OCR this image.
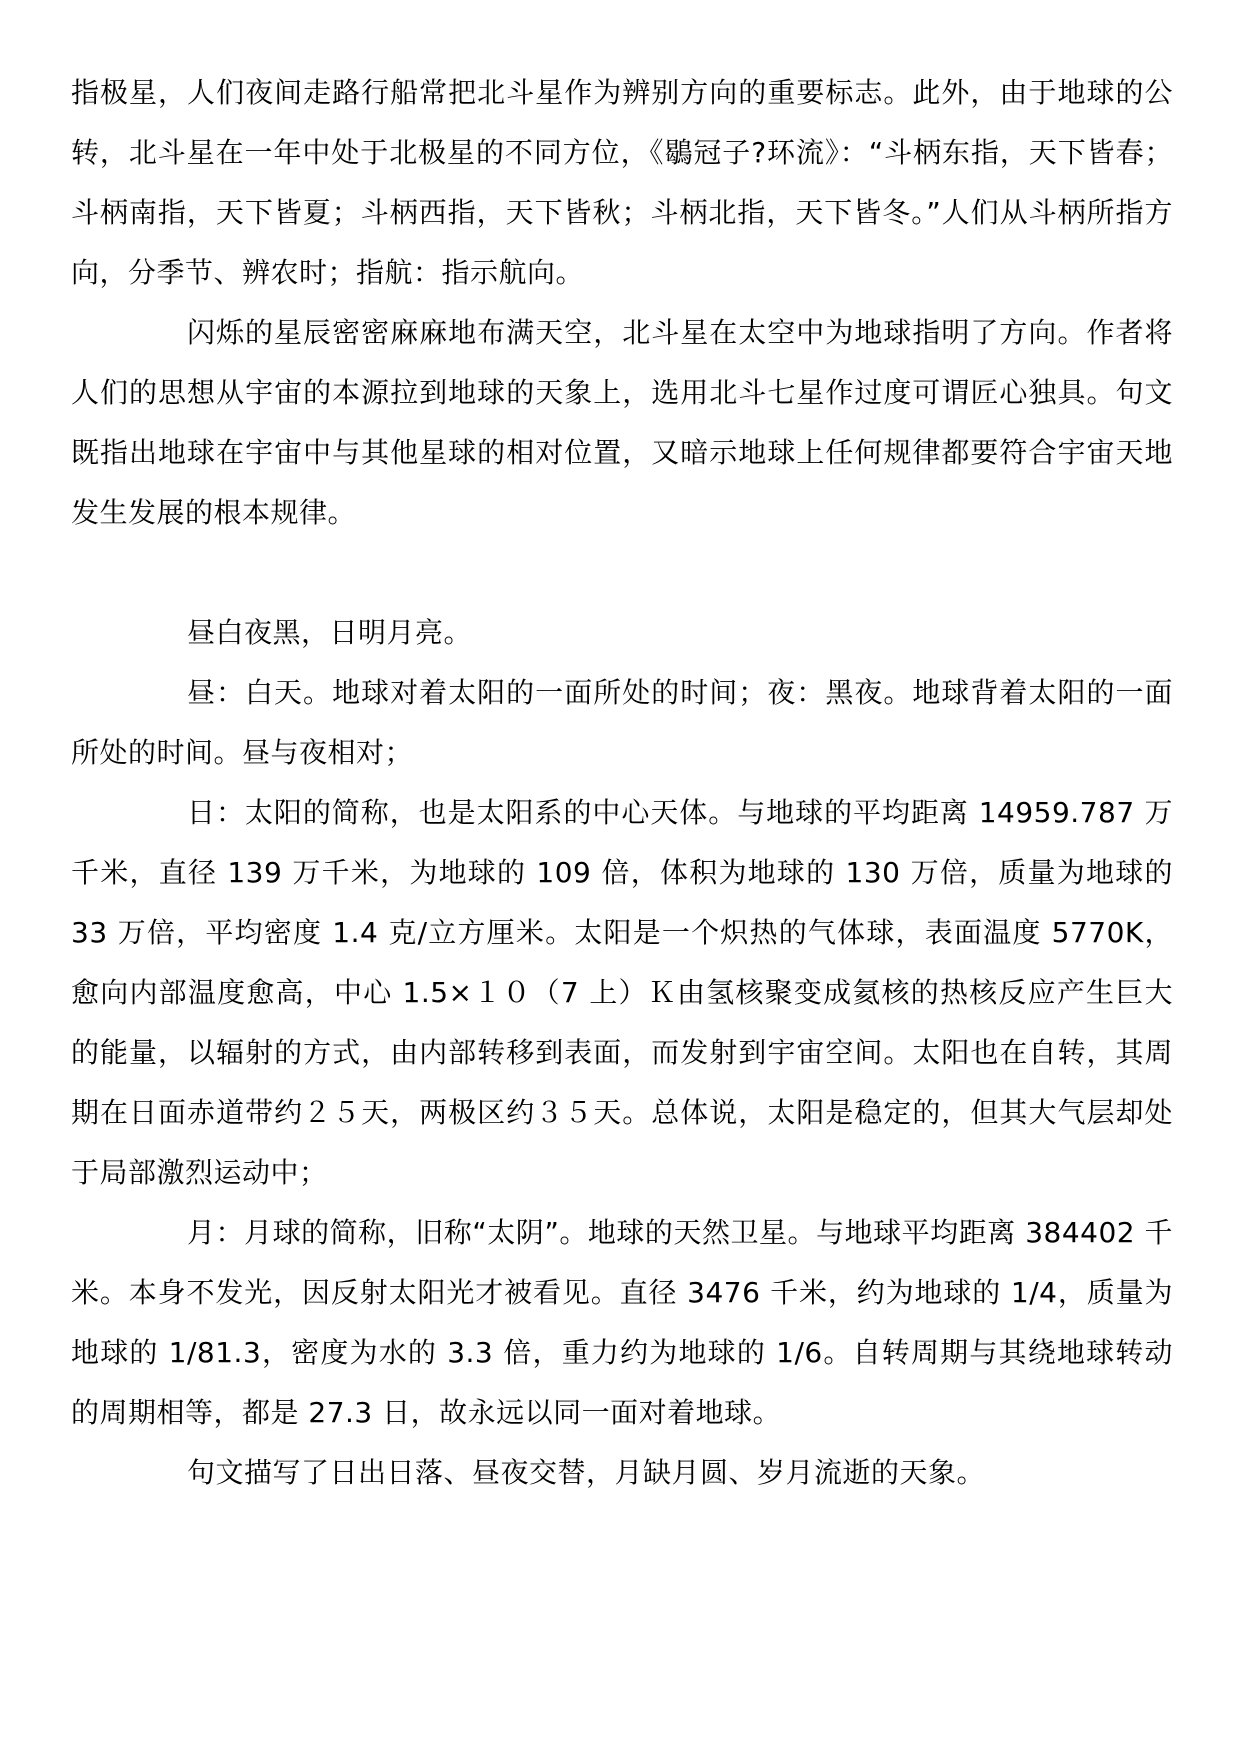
指极星，人们夜间走路行船常把北斗星作为辨别方向的重要标志。此外，由于地球的公转，北斗星在一年中处于北极星的不同方位，《鶡冠子?环流》：“斗柄东指，天下皆春；斗柄南指，天下皆夏；斗柄西指，天下皆秋；斗柄北指，天下皆冬。”人们从斗柄所指方向，分季节、辨农时；指航：指示航向。

闪烁的星辰密密麻麻地布满天空，北斗星在太空中为地球指明了方向。作者将人们的思想从宇宙的本源拉到地球的天象上，选用北斗七星作过度可谓匠心独具。句文既指出地球在宇宙中与其他星球的相对位置，又暗示地球上任何规律都要符合宇宙天地发生发展的根本规律。

昼白夜黑，日明月亮。

昼：白天。地球对着太阳的一面所处的时间；夜：黑夜。地球背着太阳的一面所处的时间。昼与夜相对；

日：太阳的简称，也是太阳系的中心天体。与地球的平均距离 14959.787 万千米，直径 139 万千米，为地球的 109 倍，体积为地球的 130 万倍，质量为地球的 33 万倍，平均密度 1.4 克/立方厘米。太阳是一个炽热的气体球，表面温度 5770K，愈向内部温度愈高，中心 1.5×１０（7 上）Ｋ由氢核聚变成氦核的热核反应产生巨大的能量，以辐射的方式，由内部转移到表面，而发射到宇宙空间。太阳也在自转，其周期在日面赤道带约２５天，两极区约３５天。总体说，太阳是稳定的，但其大气层却处于局部激烈运动中；

月：月球的简称，旧称“太阴”。地球的天然卫星。与地球平均距离 384402 千米。本身不发光，因反射太阳光才被看见。直径 3476 千米，约为地球的 1/4，质量为地球的 1/81.3，密度为水的 3.3 倍，重力约为地球的 1/6。自转周期与其绕地球转动的周期相等，都是 27.3 日，故永远以同一面对着地球。

句文描写了日出日落、昼夜交替，月缺月圆、岁月流逝的天象。
